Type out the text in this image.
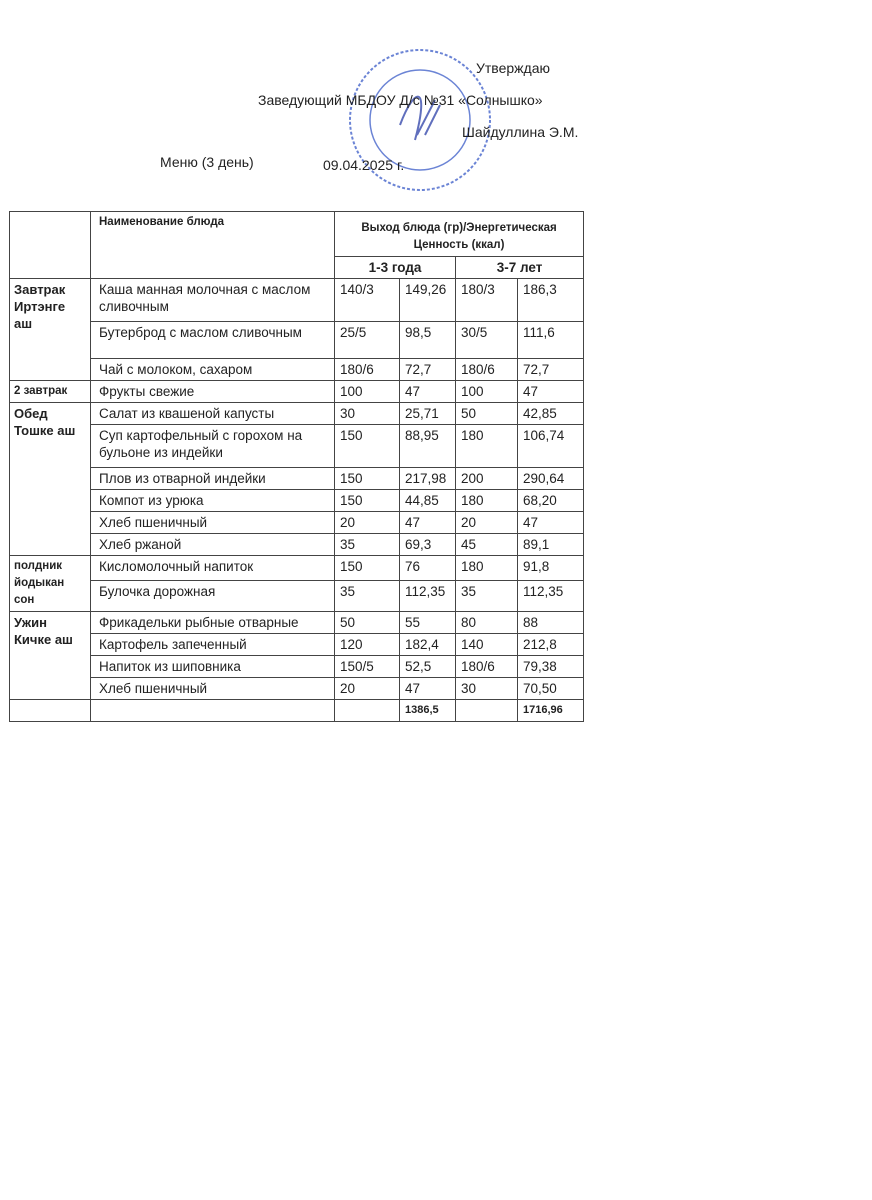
Утверждаю
Заведующий МБДОУ Д/с №31 «Солнышко»
Шайдуллина Э.М.
Меню (3 день)	09.04.2025 г.
	Наименование блюда	Выход блюда (гр)/Энергетическая Ценность (ккал)			
		1-3 года		3-7 лет	
Завтрак Иртэнге аш	Каша манная молочная с маслом сливочным	140/3	149,26	180/3	186,3
	Бутерброд с маслом сливочным	25/5	98,5	30/5	111,6
	Чай с молоком, сахаром	180/6	72,7	180/6	72,7
2 завтрак	Фрукты свежие	100	47	100	47
Обед Тошке аш	Салат из квашеной капусты	30	25,71	50	42,85
	Суп картофельный с горохом на бульоне из индейки	150	88,95	180	106,74
	Плов из отварной индейки	150	217,98	200	290,64
	Компот из урюка	150	44,85	180	68,20
	Хлеб пшеничный	20	47	20	47
	Хлеб ржаной	35	69,3	45	89,1
полдник йодыкан сон	Кисломолочный напиток	150	76	180	91,8
	Булочка дорожная	35	112,35	35	112,35
Ужин Кичке аш	Фрикадельки рыбные отварные	50	55	80	88
	Картофель запеченный	120	182,4	140	212,8
	Напиток из шиповника	150/5	52,5	180/6	79,38
	Хлеб пшеничный	20	47	30	70,50
			1386,5		1716,96
